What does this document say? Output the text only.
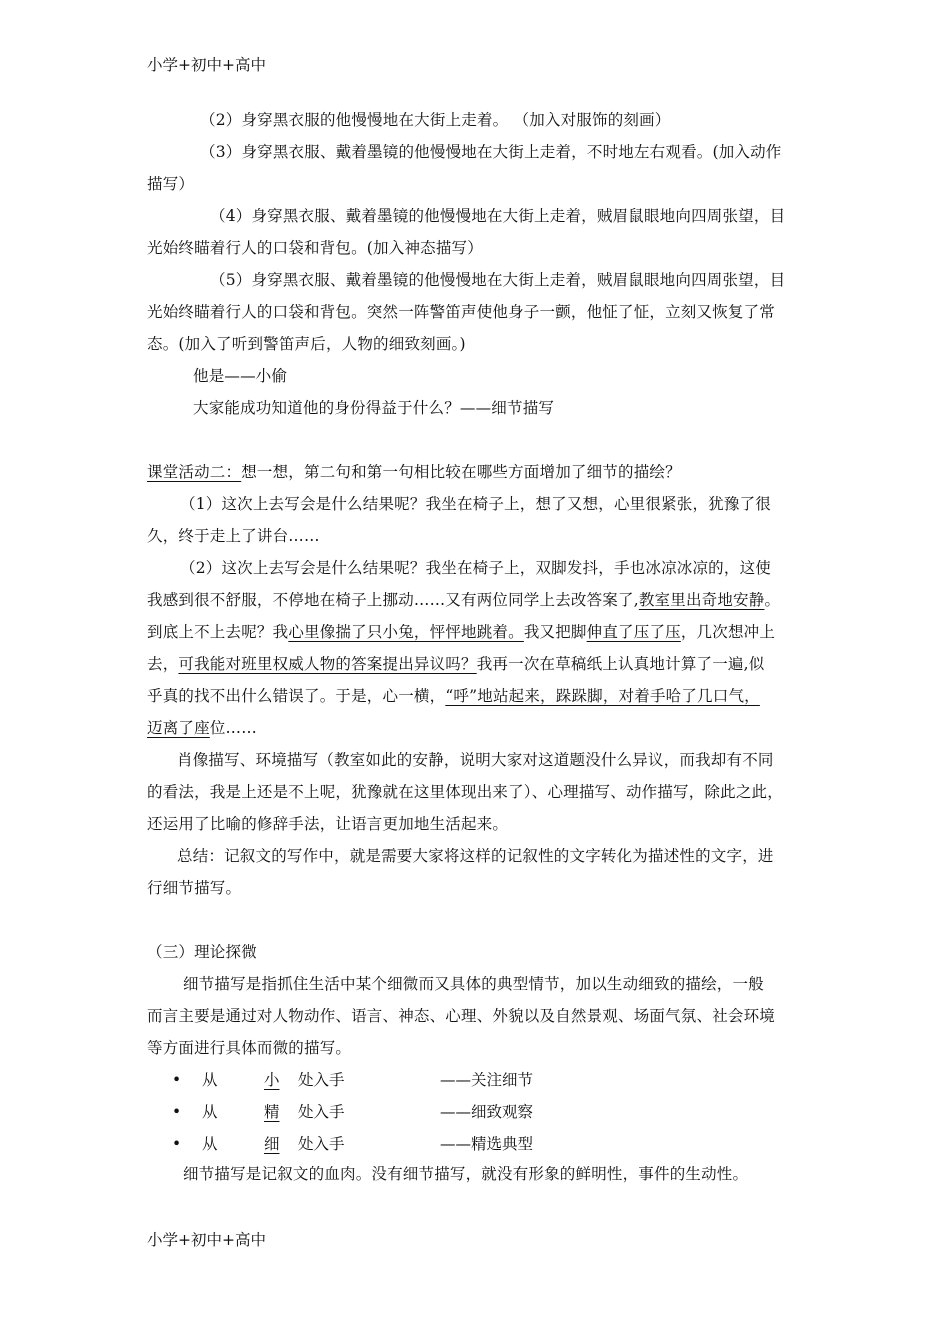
小学+初中+高中
（2）身穿黑衣服的他慢慢地在大街上走着。 （加入对服饰的刻画）
（3）身穿黑衣服、戴着墨镜的他慢慢地在大街上走着，不时地左右观看。(加入动作
描写）
（4）身穿黑衣服、戴着墨镜的他慢慢地在大街上走着，贼眉鼠眼地向四周张望，目
光始终瞄着行人的口袋和背包。(加入神态描写）
（5）身穿黑衣服、戴着墨镜的他慢慢地在大街上走着，贼眉鼠眼地向四周张望，目
光始终瞄着行人的口袋和背包。突然一阵警笛声使他身子一颤，他怔了怔，立刻又恢复了常
态。(加入了听到警笛声后，人物的细致刻画。)
他是——小偷
大家能成功知道他的身份得益于什么？——细节描写
课堂活动二：想一想，第二句和第一句相比较在哪些方面增加了细节的描绘？
（1）这次上去写会是什么结果呢？我坐在椅子上，想了又想，心里很紧张，犹豫了很
久，终于走上了讲台……
（2）这次上去写会是什么结果呢？我坐在椅子上，双脚发抖，手也冰凉冰凉的，这使
我感到很不舒服，不停地在椅子上挪动……又有两位同学上去改答案了,教室里出奇地安静。
到底上不上去呢？我心里像揣了只小兔，怦怦地跳着。我又把脚伸直了压了压，几次想冲上
去，可我能对班里权威人物的答案提出异议吗？我再一次在草稿纸上认真地计算了一遍,似
乎真的找不出什么错误了。于是，心一横，“呼”地站起来，跺跺脚，对着手哈了几口气，
迈离了座位……
肖像描写、环境描写（教室如此的安静，说明大家对这道题没什么异议，而我却有不同
的看法，我是上还是不上呢，犹豫就在这里体现出来了）、心理描写、动作描写，除此之此，
还运用了比喻的修辞手法，让语言更加地生活起来。
总结：记叙文的写作中，就是需要大家将这样的记叙性的文字转化为描述性的文字，进
行细节描写。
（三）理论探微
细节描写是指抓住生活中某个细微而又具体的典型情节，加以生动细致的描绘，一般
而言主要是通过对人物动作、语言、神态、心理、外貌以及自然景观、场面气氛、社会环境
等方面进行具体而微的描写。
• 从	小 处入手	——关注细节
• 从	精 处入手	——细致观察
• 从	细 处入手	——精选典型
细节描写是记叙文的血肉。没有细节描写，就没有形象的鲜明性，事件的生动性。
小学+初中+高中
